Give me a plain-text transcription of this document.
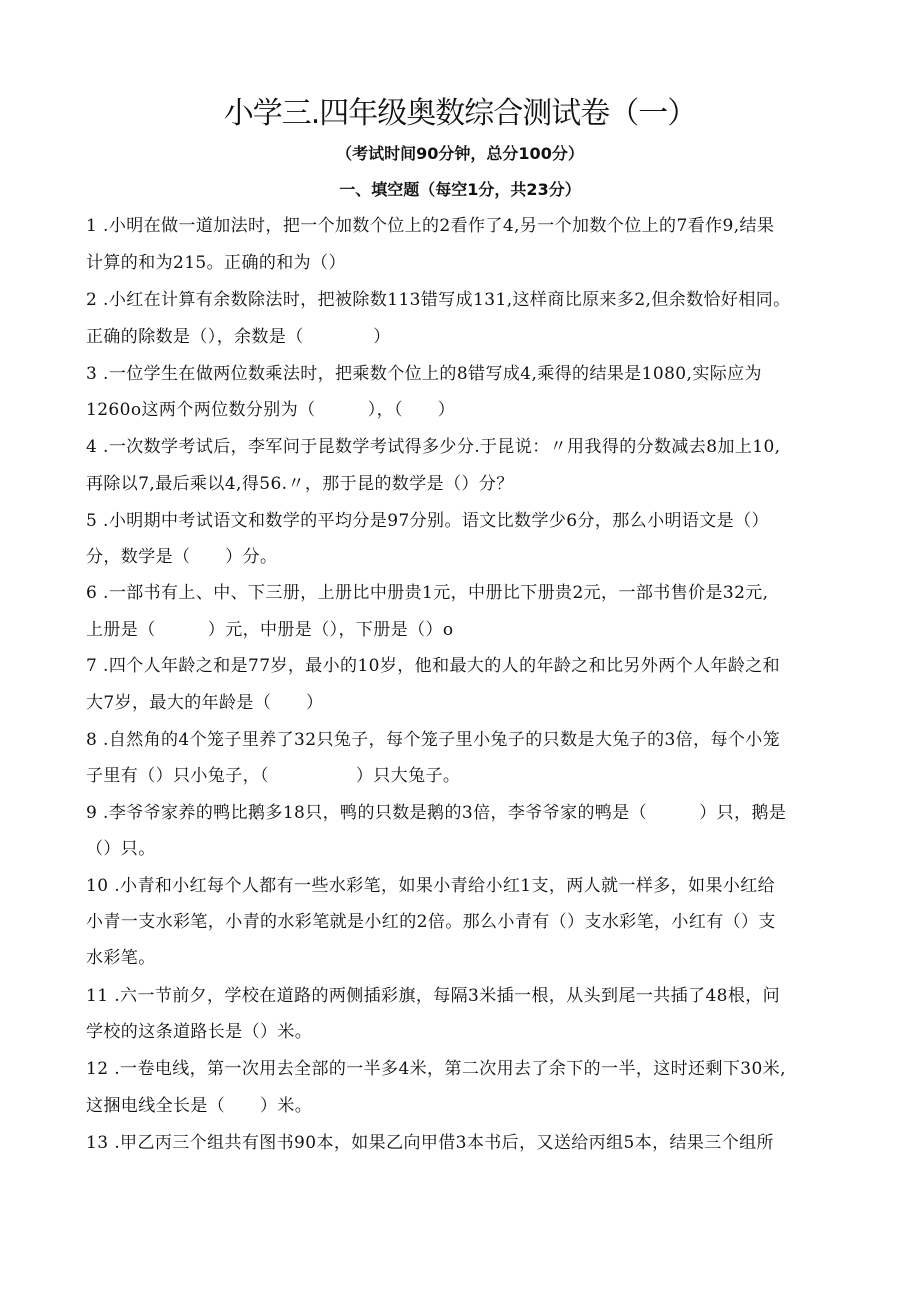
小学三.四年级奥数综合测试卷（一）
（考试时间90分钟，总分100分）
一、填空题（每空1分，共23分）
1 .小明在做一道加法时，把一个加数个位上的2看作了4,另一个加数个位上的7看作9,结果
计算的和为215。正确的和为（）
2 .小红在计算有余数除法时，把被除数113错写成131,这样商比原来多2,但余数恰好相同。
正确的除数是（），余数是（　　　　）
3 .一位学生在做两位数乘法时，把乘数个位上的8错写成4,乘得的结果是1080,实际应为
1260o这两个两位数分别为（　　　），（　　）
4 .一次数学考试后，李军问于昆数学考试得多少分.于昆说：〃用我得的分数减去8加上10,
再除以7,最后乘以4,得56.〃，那于昆的数学是（）分？
5 .小明期中考试语文和数学的平均分是97分别。语文比数学少6分，那么小明语文是（）
分，数学是（　　）分。
6 .一部书有上、中、下三册，上册比中册贵1元，中册比下册贵2元，一部书售价是32元,
上册是（　　　）元，中册是（），下册是（）o
7 .四个人年龄之和是77岁，最小的10岁，他和最大的人的年龄之和比另外两个人年龄之和
大7岁，最大的年龄是（　　）
8 .自然角的4个笼子里养了32只兔子，每个笼子里小兔子的只数是大兔子的3倍，每个小笼
子里有（）只小兔子，（　　　　　）只大兔子。
9 .李爷爷家养的鸭比鹅多18只，鸭的只数是鹅的3倍，李爷爷家的鸭是（　　　）只，鹅是
（）只。
10 .小青和小红每个人都有一些水彩笔，如果小青给小红1支，两人就一样多，如果小红给
小青一支水彩笔，小青的水彩笔就是小红的2倍。那么小青有（）支水彩笔，小红有（）支
水彩笔。
11 .六一节前夕，学校在道路的两侧插彩旗，每隔3米插一根，从头到尾一共插了48根，问
学校的这条道路长是（）米。
12 .一卷电线，第一次用去全部的一半多4米，第二次用去了余下的一半，这时还剩下30米,
这捆电线全长是（　　）米。
13 .甲乙丙三个组共有图书90本，如果乙向甲借3本书后，又送给丙组5本，结果三个组所
